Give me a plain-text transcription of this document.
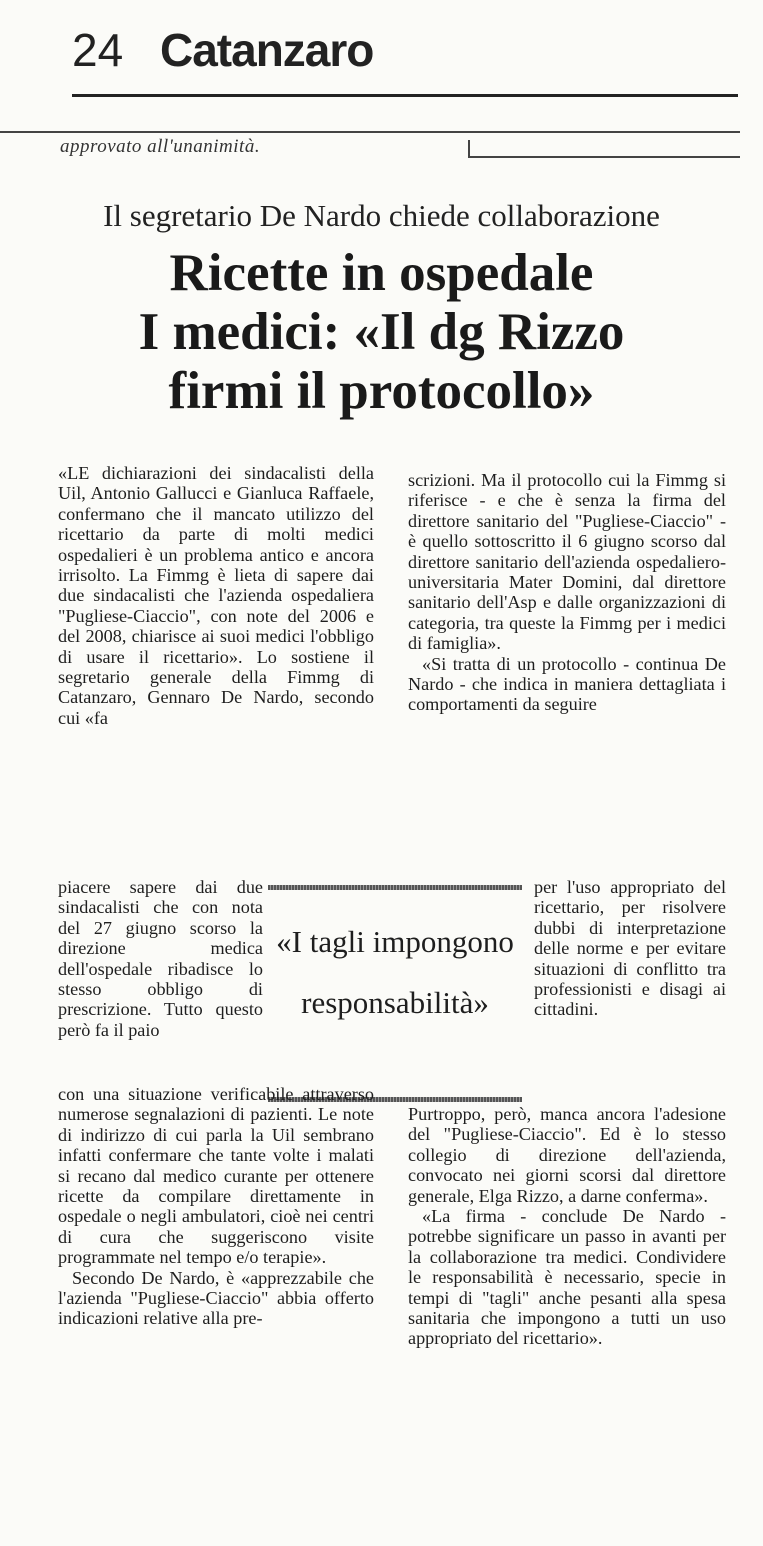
24 Catanzaro
approvato all'unanimità.
Il segretario De Nardo chiede collaborazione
Ricette in ospedale
I medici: «Il dg Rizzo
firmi il protocollo»

«LE dichiarazioni dei sindacalisti della Uil, Antonio Gallucci e Gianluca Raffaele, confermano che il mancato utilizzo del ricettario da parte di molti medici ospedalieri è un problema antico e ancora irrisolto. La Fimmg è lieta di sapere dai due sindacalisti che l'azienda ospedaliera "Pugliese-Ciaccio", con note del 2006 e del 2008, chiarisce ai suoi medici l'obbligo di usare il ricettario». Lo sostiene il segretario generale della Fimmg di Catanzaro, Gennaro De Nardo, secondo cui «fa

piacere sapere dai due sindacalisti che con nota del 27 giugno scorso la direzione medica dell'ospedale ribadisce lo stesso obbligo di prescrizione. Tutto questo però fa il paio

«I tagli impongono responsabilità»

con una situazione verificabile attraverso numerose segnalazioni di pazienti. Le note di indirizzo di cui parla la Uil sembrano infatti confermare che tante volte i malati si recano dal medico curante per ottenere ricette da compilare direttamente in ospedale o negli ambulatori, cioè nei centri di cura che suggeriscono visite programmate nel tempo e/o terapie».

Secondo De Nardo, è «apprezzabile che l'azienda "Pugliese-Ciaccio" abbia offerto indicazioni relative alla pre-

scrizioni. Ma il protocollo cui la Fimmg si riferisce - e che è senza la firma del direttore sanitario del "Pugliese-Ciaccio" - è quello sottoscritto il 6 giugno scorso dal direttore sanitario dell'azienda ospedaliero-universitaria Mater Domini, dal direttore sanitario dell'Asp e dalle organizzazioni di categoria, tra queste la Fimmg per i medici di famiglia».

«Si tratta di un protocollo - continua De Nardo - che indica in maniera dettagliata i comportamenti da seguire

per l'uso appropriato del ricettario, per risolvere dubbi di interpretazione delle norme e per evitare situazioni di conflitto tra professionisti e disagi ai cittadini.

Purtroppo, però, manca ancora l'adesione del "Pugliese-Ciaccio". Ed è lo stesso collegio di direzione dell'azienda, convocato nei giorni scorsi dal direttore generale, Elga Rizzo, a darne conferma».

«La firma - conclude De Nardo - potrebbe significare un passo in avanti per la collaborazione tra medici. Condividere le responsabilità è necessario, specie in tempi di "tagli" anche pesanti alla spesa sanitaria che impongono a tutti un uso appropriato del ricettario».
